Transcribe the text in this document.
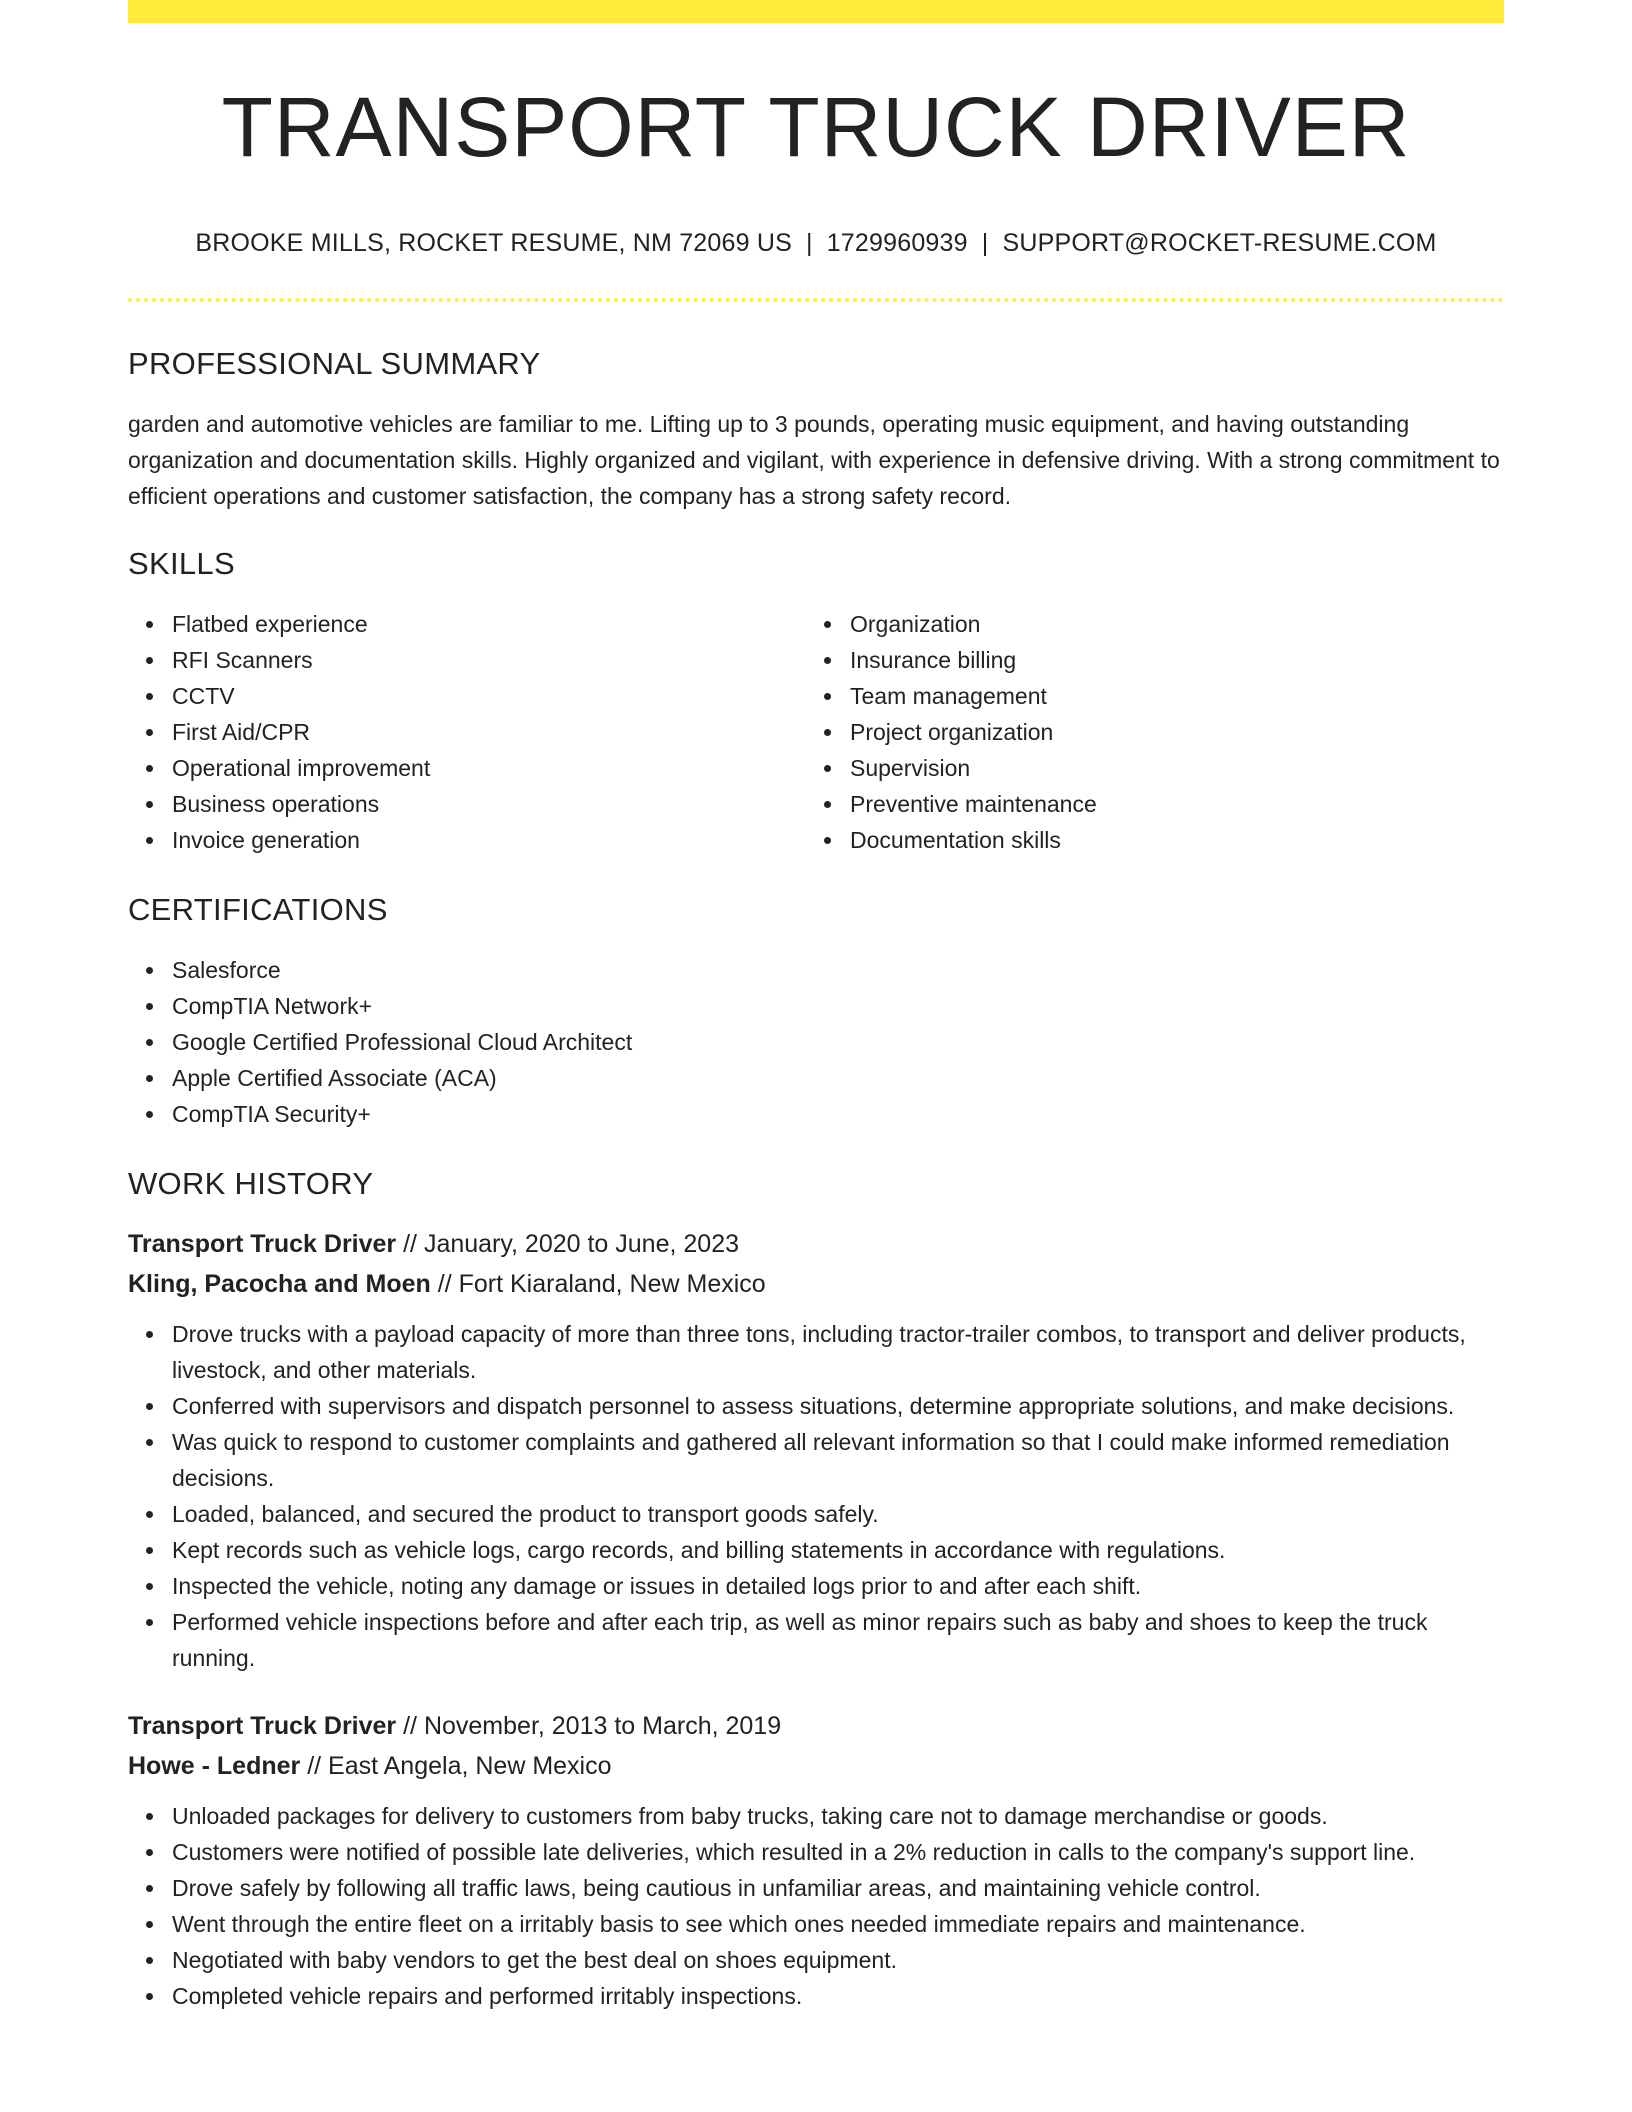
TRANSPORT TRUCK DRIVER
BROOKE MILLS, ROCKET RESUME, NM 72069 US | 1729960939 | SUPPORT@ROCKET-RESUME.COM
PROFESSIONAL SUMMARY

garden and automotive vehicles are familiar to me. Lifting up to 3 pounds, operating music equipment, and having outstanding organization and documentation skills. Highly organized and vigilant, with experience in defensive driving. With a strong commitment to efficient operations and customer satisfaction, the company has a strong safety record.

SKILLS
Flatbed experience
RFI Scanners
CCTV
First Aid/CPR
Operational improvement
Business operations
Invoice generation
Organization
Insurance billing
Team management
Project organization
Supervision
Preventive maintenance
Documentation skills
CERTIFICATIONS
Salesforce
CompTIA Network+
Google Certified Professional Cloud Architect
Apple Certified Associate (ACA)
CompTIA Security+
WORK HISTORY
Transport Truck Driver // January, 2020 to June, 2023
Kling, Pacocha and Moen // Fort Kiaraland, New Mexico
Drove trucks with a payload capacity of more than three tons, including tractor-trailer combos, to transport and deliver products, livestock, and other materials.
Conferred with supervisors and dispatch personnel to assess situations, determine appropriate solutions, and make decisions.
Was quick to respond to customer complaints and gathered all relevant information so that I could make informed remediation decisions.
Loaded, balanced, and secured the product to transport goods safely.
Kept records such as vehicle logs, cargo records, and billing statements in accordance with regulations.
Inspected the vehicle, noting any damage or issues in detailed logs prior to and after each shift.
Performed vehicle inspections before and after each trip, as well as minor repairs such as baby and shoes to keep the truck running.
Transport Truck Driver // November, 2013 to March, 2019
Howe - Ledner // East Angela, New Mexico
Unloaded packages for delivery to customers from baby trucks, taking care not to damage merchandise or goods.
Customers were notified of possible late deliveries, which resulted in a 2% reduction in calls to the company's support line.
Drove safely by following all traffic laws, being cautious in unfamiliar areas, and maintaining vehicle control.
Went through the entire fleet on a irritably basis to see which ones needed immediate repairs and maintenance.
Negotiated with baby vendors to get the best deal on shoes equipment.
Completed vehicle repairs and performed irritably inspections.
